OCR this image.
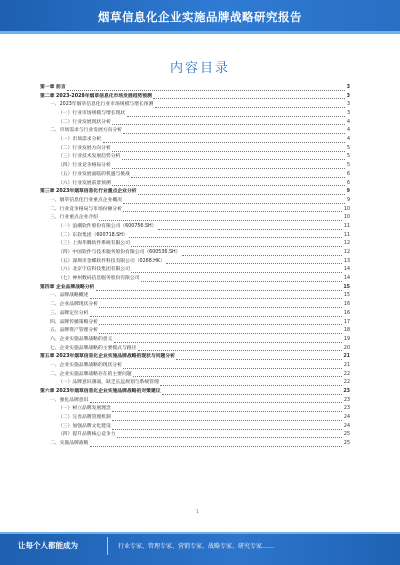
烟草信息化企业实施品牌战略研究报告
内容目录
第一章 前言	3
第二章 2023-2028年烟草信息化市场发展趋势预测	3
一、2023年烟草信息化行业市场规模与增长预测	3
（一）行业市场规模与增长现状	3
（二）行业发展现状分析	4
二、市场需求与行业发展方向分析	4
（一）市场需求分析	4
（二）行业发展方向分析	5
（三）行业技术发展趋势分析	5
（四）行业竞争格局分析	5
（五）行业发展面临的机遇与挑战	6
（六）行业发展前景预测	6
第三章 2023年烟草信息化行业重点企业分析	9
一、烟草信息化行业重点企业概况	9
二、行业竞争格局与市场份额分析	10
三、行业重点企业介绍	10
（一）浪潮软件股份有限公司（600756.SH）	11
（二）东软集团（600718.SH）	11
（三）上海华腾软件系统有限公司	12
（四）中国软件与技术服务股份有限公司（600536.SH）	12
（五）深圳市金蝶软件科技有限公司（0268.HK）	13
（六）北京宇信科技集团有限公司	14
（七）神州数码信息服务股份有限公司	14
第四章 企业品牌战略分析	15
一、品牌战略概述	15
二、企业品牌现状分析	16
三、品牌定位分析	16
四、品牌传播策略分析	17
五、品牌资产管理分析	18
六、企业实施品牌战略的意义	19
七、企业实施品牌战略的主要模式与路径	20
第五章 2023年烟草信息化企业实施品牌战略的现状与问题分析	21
一、企业实施品牌战略的现状分析	21
二、企业实施品牌战略存在的主要问题	22
（一）品牌意识薄弱，缺乏长远规划与系统管理	22
第六章 2023年烟草信息化企业实施品牌战略的对策建议	23
一、强化品牌意识	23
（一）树立品牌发展理念	23
（二）完善品牌管理机制	24
（三）加强品牌文化建设	24
（四）提升品牌核心竞争力	25
二、实施品牌战略	25
1
让每个人都能成为	行业专家、管理专家、营销专家、战略专家、研究专家……
